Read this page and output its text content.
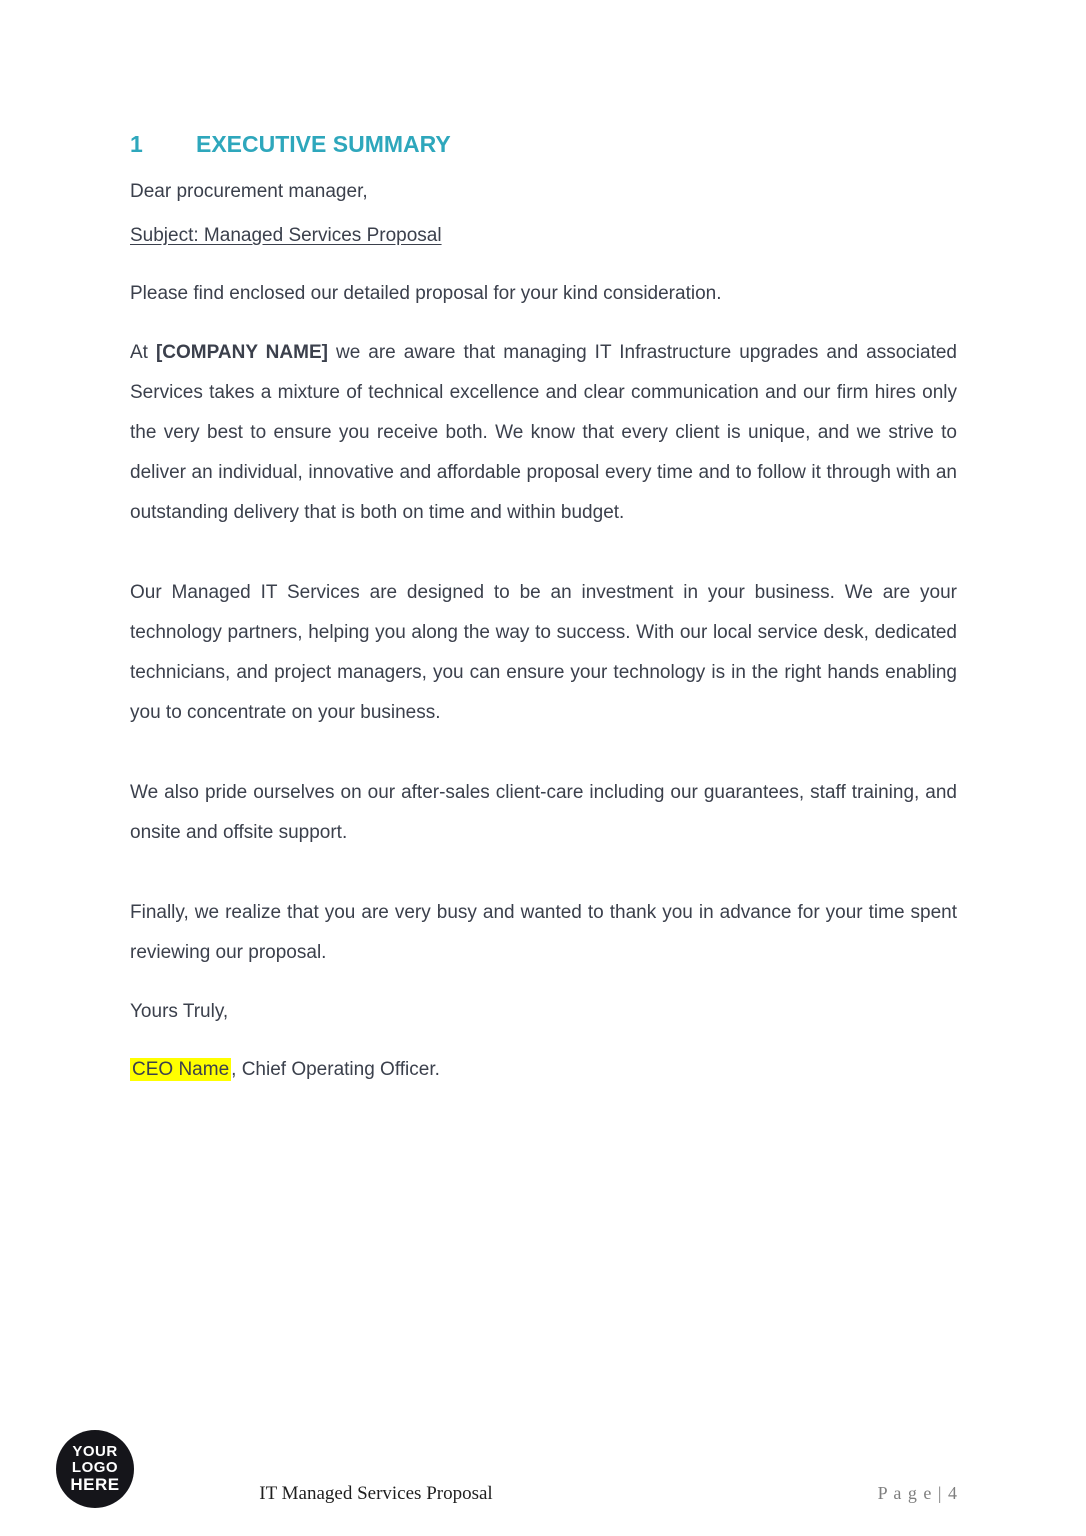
1	EXECUTIVE SUMMARY

Dear procurement manager,

Subject: Managed Services Proposal

Please find enclosed our detailed proposal for your kind consideration.

At [COMPANY NAME] we are aware that managing IT Infrastructure upgrades and associated Services takes a mixture of technical excellence and clear communication and our firm hires only the very best to ensure you receive both. We know that every client is unique, and we strive to deliver an individual, innovative and affordable proposal every time and to follow it through with an outstanding delivery that is both on time and within budget.

Our Managed IT Services are designed to be an investment in your business. We are your technology partners, helping you along the way to success. With our local service desk, dedicated technicians, and project managers, you can ensure your technology is in the right hands enabling you to concentrate on your business.

We also pride ourselves on our after-sales client-care including our guarantees, staff training, and onsite and offsite support.

Finally, we realize that you are very busy and wanted to thank you in advance for your time spent reviewing our proposal.

Yours Truly,

CEO Name , Chief Operating Officer.

YOUR
LOGO
HERE	IT Managed Services Proposal	P a g e | 4
